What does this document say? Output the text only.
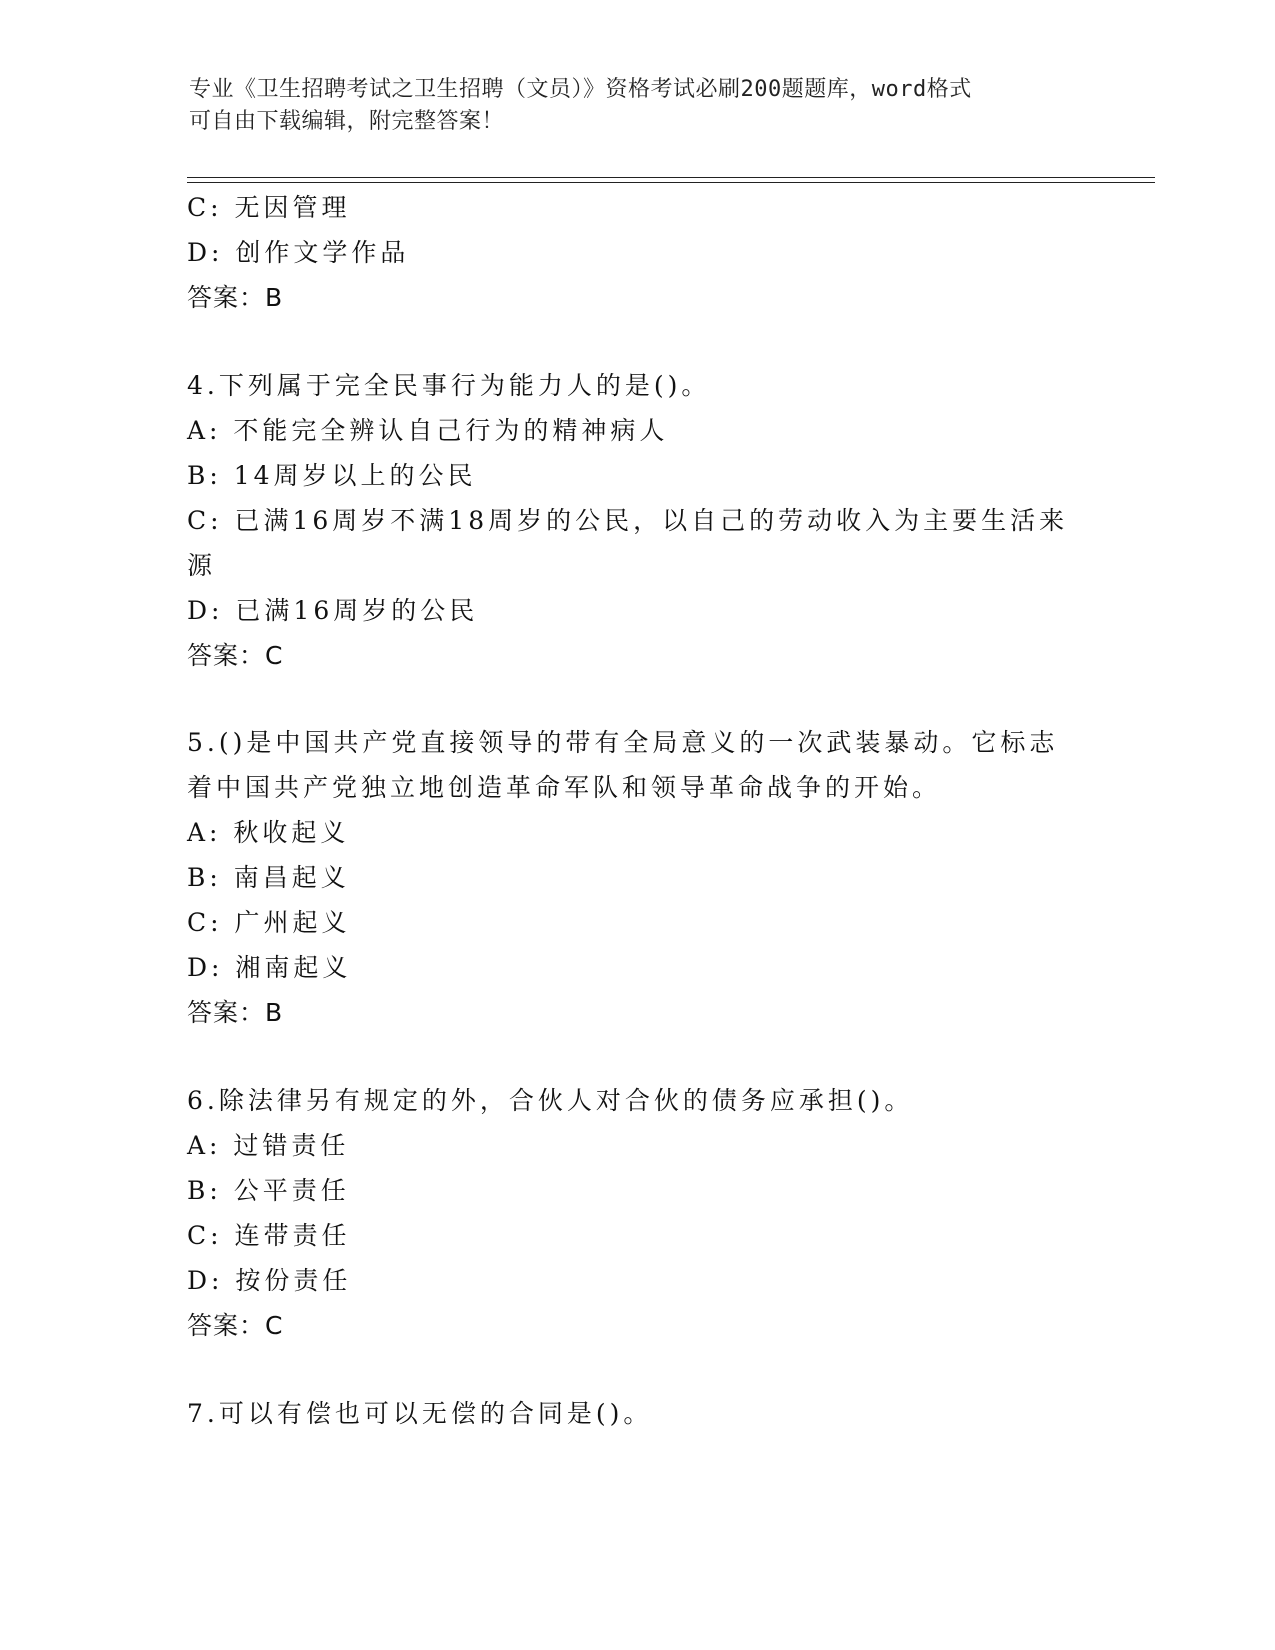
专业《卫生招聘考试之卫生招聘（文员）》资格考试必刷200题题库，word格式
可自由下载编辑，附完整答案！
C: 无因管理
D: 创作文学作品
答案：B
4.下列属于完全民事行为能力人的是()。
A: 不能完全辨认自己行为的精神病人
B: 14周岁以上的公民
C: 已满16周岁不满18周岁的公民，以自己的劳动收入为主要生活来
源
D: 已满16周岁的公民
答案：C
5.()是中国共产党直接领导的带有全局意义的一次武装暴动。它标志
着中国共产党独立地创造革命军队和领导革命战争的开始。
A: 秋收起义
B: 南昌起义
C: 广州起义
D: 湘南起义
答案：B
6.除法律另有规定的外，合伙人对合伙的债务应承担()。
A: 过错责任
B: 公平责任
C: 连带责任
D: 按份责任
答案：C
7.可以有偿也可以无偿的合同是()。
